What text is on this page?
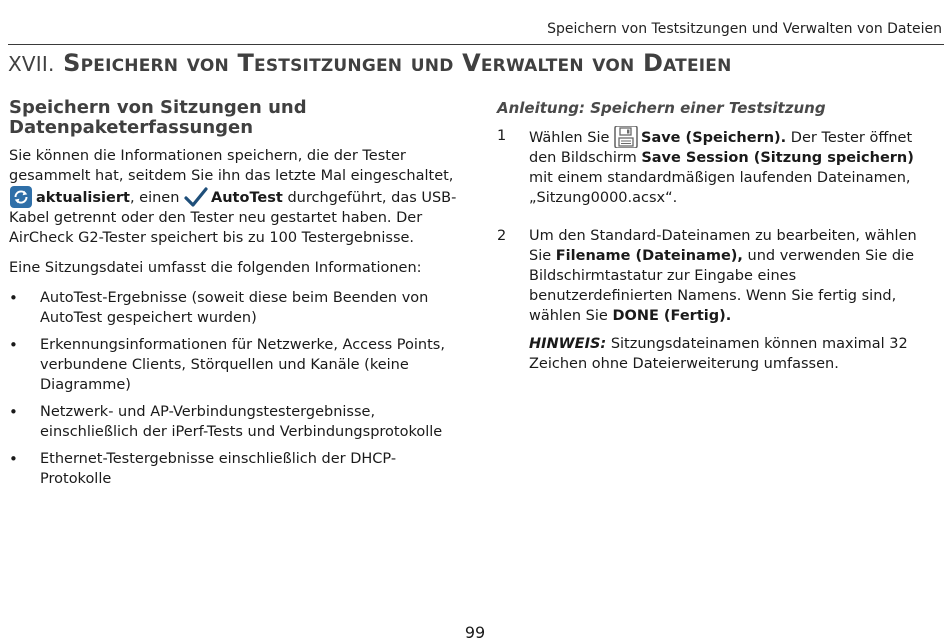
Speichern von Testsitzungen und Verwalten von Dateien
XVII. Speichern von Testsitzungen und Verwalten von Dateien
Speichern von Sitzungen und Datenpaketerfassungen

Sie können die Informationen speichern, die der Tester gesammelt hat, seitdem Sie ihn das letzte Mal eingeschaltet, aktualisiert, einen AutoTest durchgeführt, das USB-Kabel getrennt oder den Tester neu gestartet haben. Der AirCheck G2-Tester speichert bis zu 100 Testergebnisse.

Eine Sitzungsdatei umfasst die folgenden Informationen:

• AutoTest-Ergebnisse (soweit diese beim Beenden von AutoTest gespeichert wurden)
• Erkennungsinformationen für Netzwerke, Access Points, verbundene Clients, Störquellen und Kanäle (keine Diagramme)
• Netzwerk- und AP-Verbindungstestergebnisse, einschließlich der iPerf-Tests und Verbindungsprotokolle
• Ethernet-Testergebnisse einschließlich der DHCP-Protokolle
Anleitung: Speichern einer Testsitzung
1	Wählen Sie Save (Speichern). Der Tester öffnet den Bildschirm Save Session (Sitzung speichern) mit einem standardmäßigen laufenden Dateinamen, „Sitzung0000.acsx“.

2	Um den Standard-Dateinamen zu bearbeiten, wählen Sie Filename (Dateiname), und verwenden Sie die Bildschirmtastatur zur Eingabe eines benutzerdefinierten Namens. Wenn Sie fertig sind, wählen Sie DONE (Fertig).

HINWEIS: Sitzungsdateinamen können maximal 32 Zeichen ohne Dateierweiterung umfassen.

99
